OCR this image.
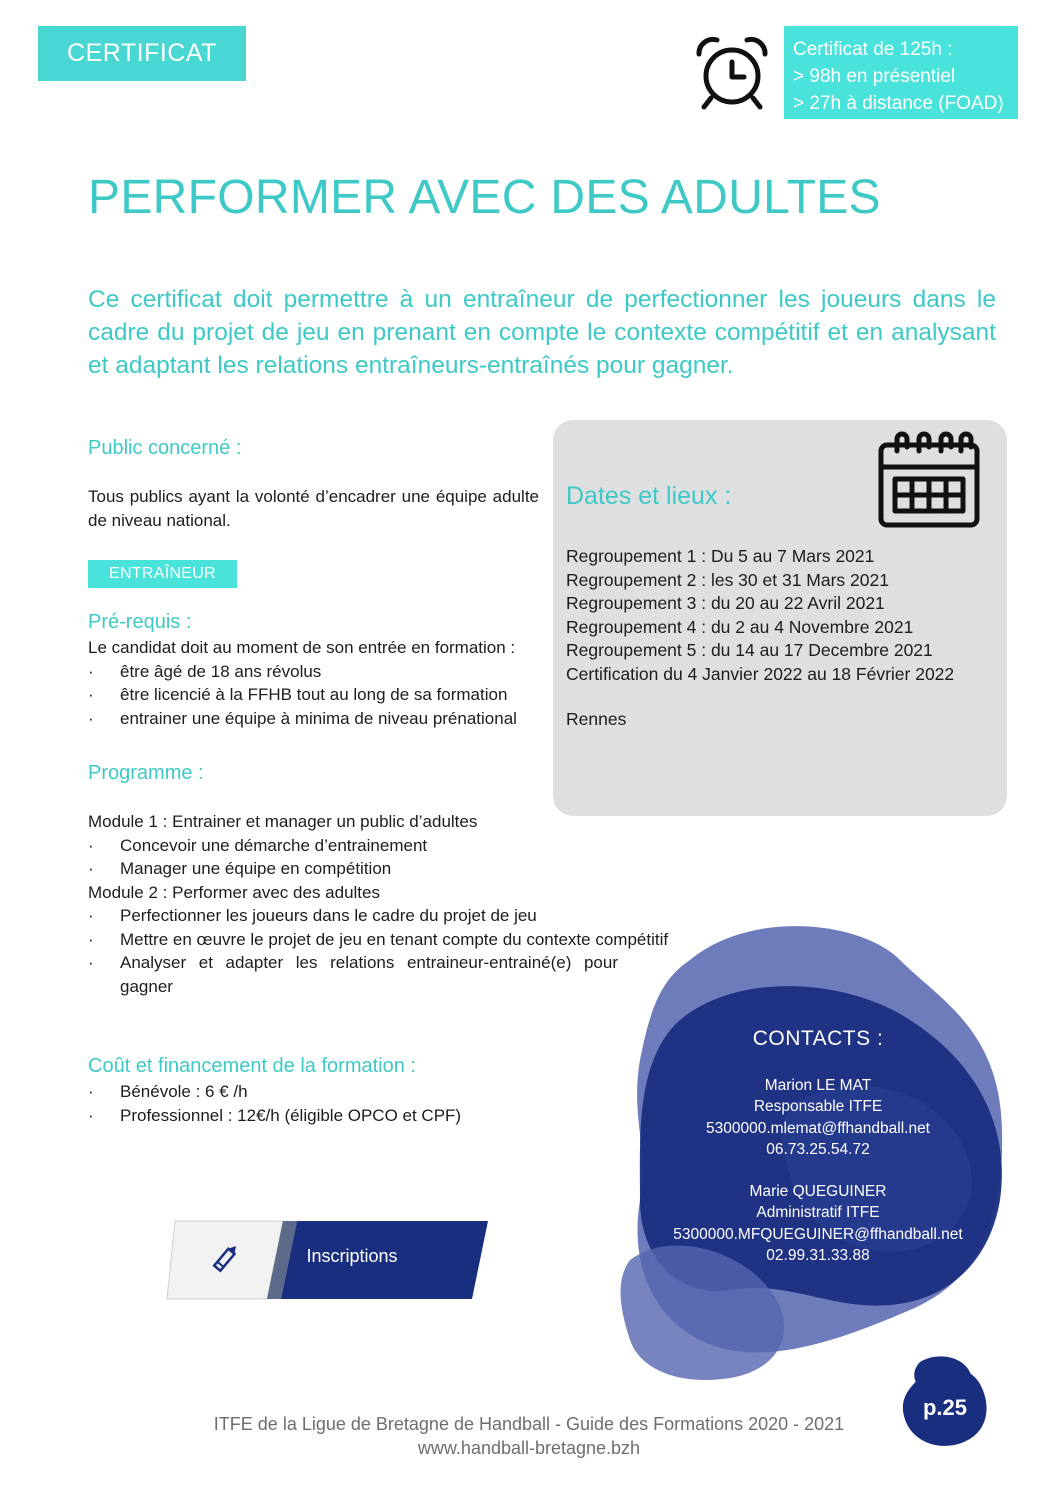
CERTIFICAT	Certificat de 125h :
> 98h en présentiel
> 27h à distance (FOAD)
PERFORMER AVEC DES ADULTES
Ce certificat doit permettre à un entraîneur de perfectionner les joueurs dans le cadre du projet de jeu en prenant en compte le contexte compétitif et en analysant et adaptant les relations entraîneurs-entraînés pour gagner.
Public concerné :
Tous publics ayant la volonté d’encadrer une équipe adulte de niveau national.
ENTRAÎNEUR
Pré-requis :
Le candidat doit au moment de son entrée en formation :
· être âgé de 18 ans révolus
· être licencié à la FFHB tout au long de sa formation
· entrainer une équipe à minima de niveau prénational
Programme :
Module 1 : Entrainer et manager un public d’adultes
· Concevoir une démarche d’entrainement
· Manager une équipe en compétition
Module 2 : Performer avec des adultes
· Perfectionner les joueurs dans le cadre du projet de jeu
· Mettre en œuvre le projet de jeu en tenant compte du contexte compétitif
· Analyser et adapter les relations entraineur-entrainé(e) pour gagner
Coût et financement de la formation :
· Bénévole : 6 € /h
· Professionnel : 12€/h (éligible OPCO et CPF)
Dates et lieux :
Regroupement 1 : Du 5 au 7 Mars 2021
Regroupement 2 : les 30 et 31 Mars 2021
Regroupement 3 : du 20 au 22 Avril 2021
Regroupement 4 : du 2 au 4 Novembre 2021
Regroupement 5 : du 14 au 17 Decembre 2021
Certification du 4 Janvier 2022 au 18 Février 2022
Rennes
CONTACTS :
Marion LE MAT
Responsable ITFE
5300000.mlemat@ffhandball.net
06.73.25.54.72
Marie QUEGUINER
Administratif ITFE
5300000.MFQUEGUINER@ffhandball.net
02.99.31.33.88
Inscriptions
p.25
ITFE de la Ligue de Bretagne de Handball - Guide des Formations 2020 - 2021
www.handball-bretagne.bzh
